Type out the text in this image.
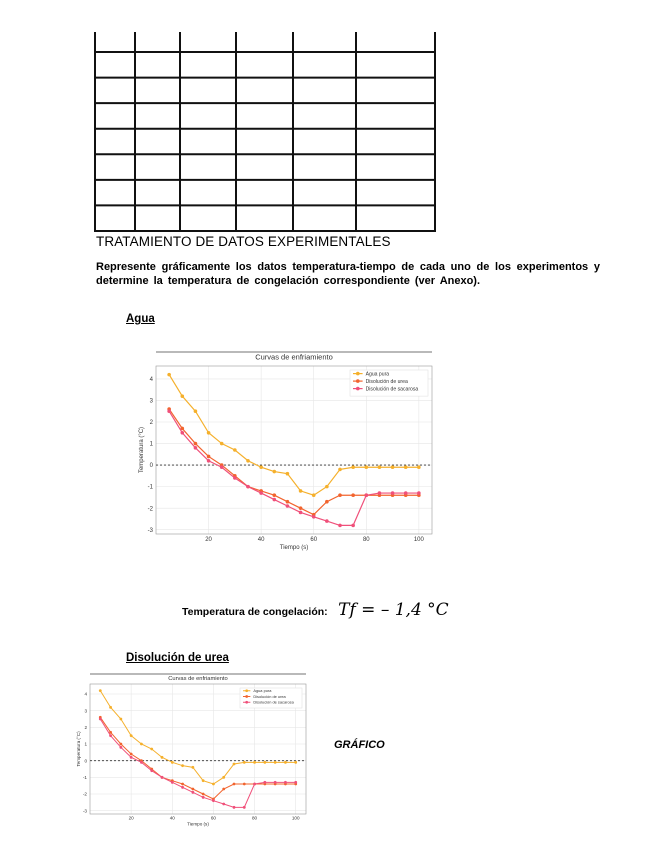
TRATAMIENTO DE DATOS EXPERIMENTALES
Represente gráficamente los datos temperatura-tiempo de cada uno de los experimentos y determine la temperatura de congelación correspondiente (ver Anexo).
Agua
Curvas de enfriamiento
20	40	60	80	100
-3
-2
-1
0
1
2
3
4
Tiempo (s)
Temperatura (°C)
Agua pura
Disolución de urea
Disolución de sacarosa
Temperatura de congelación: Tf = – 1,4 °C
Disolución de urea
Curvas de enfriamiento
20	40	60	80	100
-3
-2
-1
0
1
2
3
4
Tiempo (s)
Temperatura (°C)
Agua pura
Disolución de urea
Disolución de sacarosa
GRÁFICO
